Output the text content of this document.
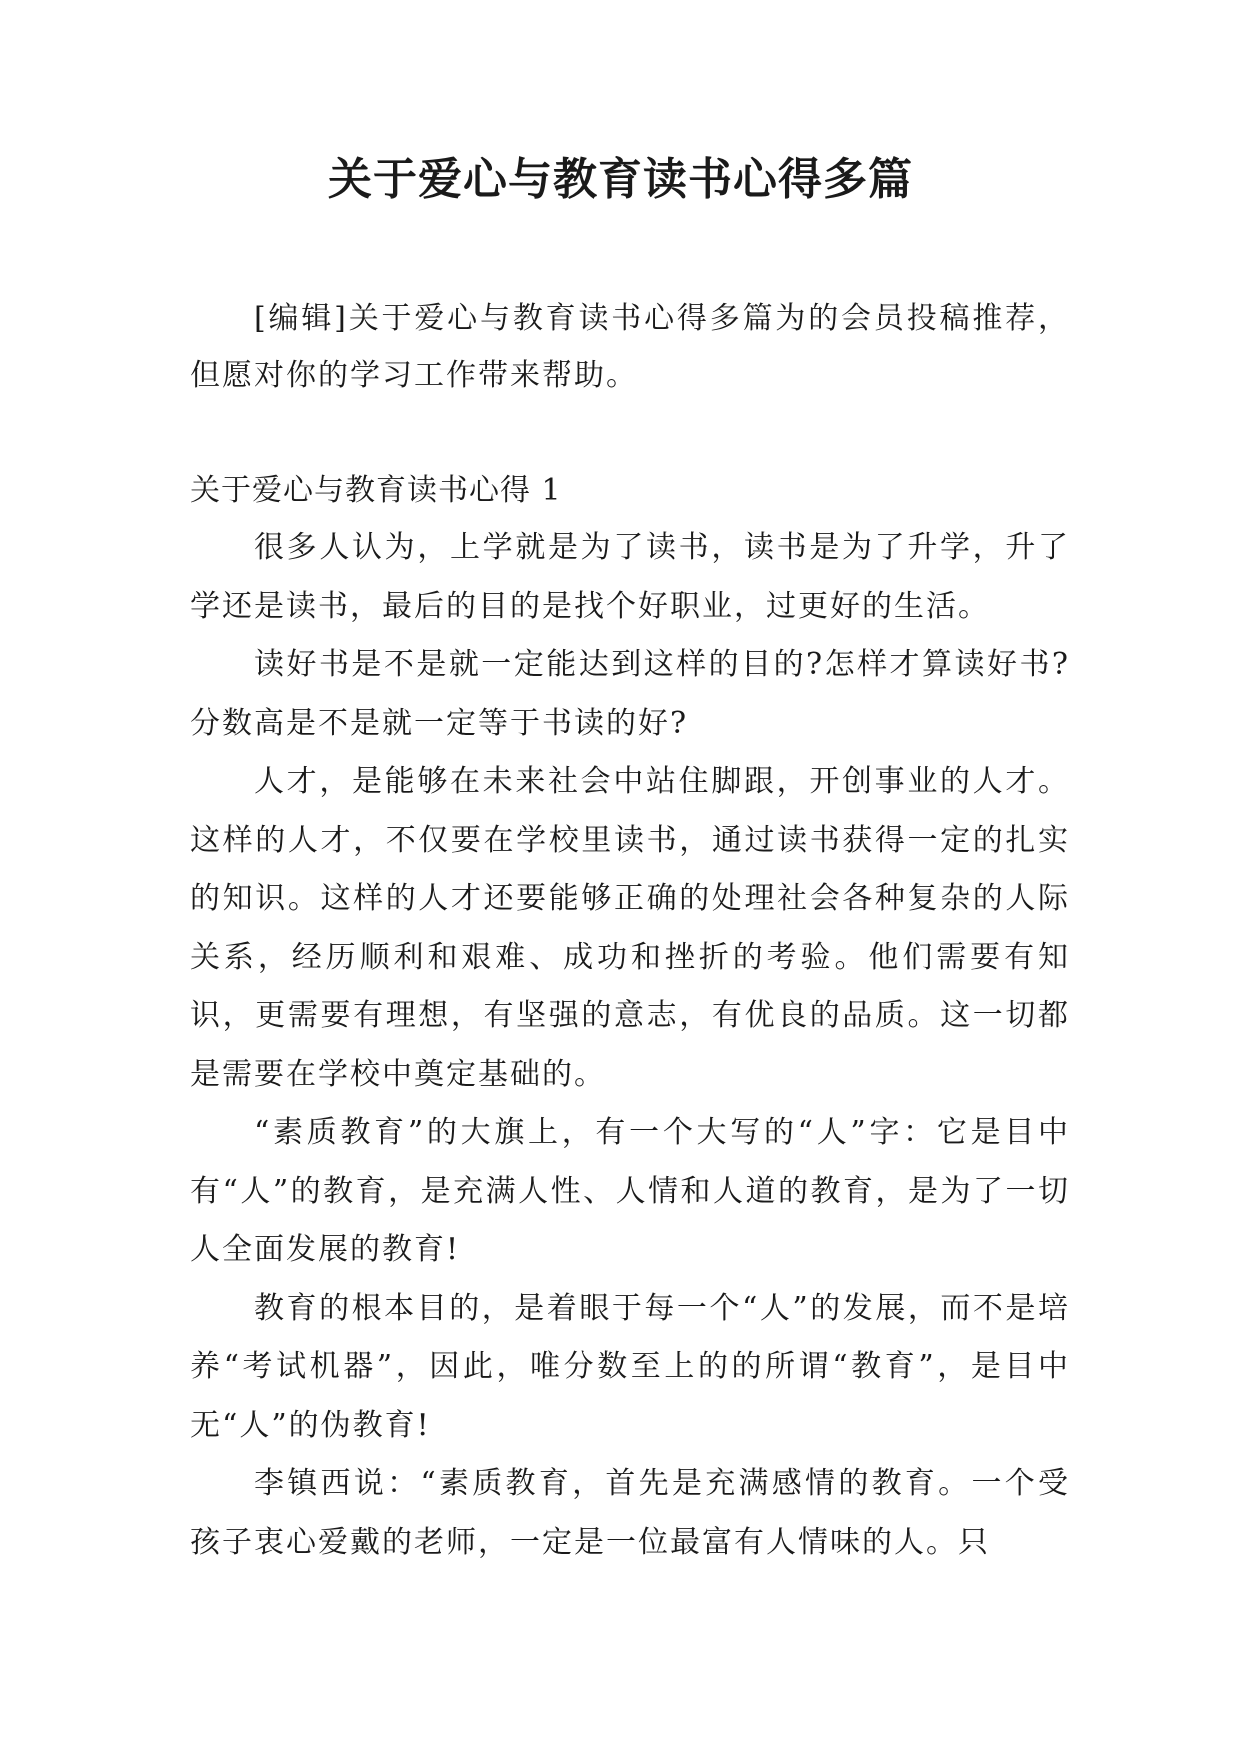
关于爱心与教育读书心得多篇

[编辑]关于爱心与教育读书心得多篇为的会员投稿推荐，但愿对你的学习工作带来帮助。

关于爱心与教育读书心得 1

很多人认为，上学就是为了读书，读书是为了升学，升了学还是读书，最后的目的是找个好职业，过更好的生活。

读好书是不是就一定能达到这样的目的?怎样才算读好书?分数高是不是就一定等于书读的好?

人才，是能够在未来社会中站住脚跟，开创事业的人才。这样的人才，不仅要在学校里读书，通过读书获得一定的扎实的知识。这样的人才还要能够正确的处理社会各种复杂的人际关系，经历顺利和艰难、成功和挫折的考验。他们需要有知识，更需要有理想，有坚强的意志，有优良的品质。这一切都是需要在学校中奠定基础的。

“素质教育”的大旗上，有一个大写的“人”字：它是目中有“人”的教育，是充满人性、人情和人道的教育，是为了一切人全面发展的教育!

教育的根本目的，是着眼于每一个“人”的发展，而不是培养“考试机器”，因此，唯分数至上的的所谓“教育”，是目中无“人”的伪教育!

李镇西说：“素质教育，首先是充满感情的教育。一个受孩子衷心爱戴的老师，一定是一位最富有人情味的人。只
